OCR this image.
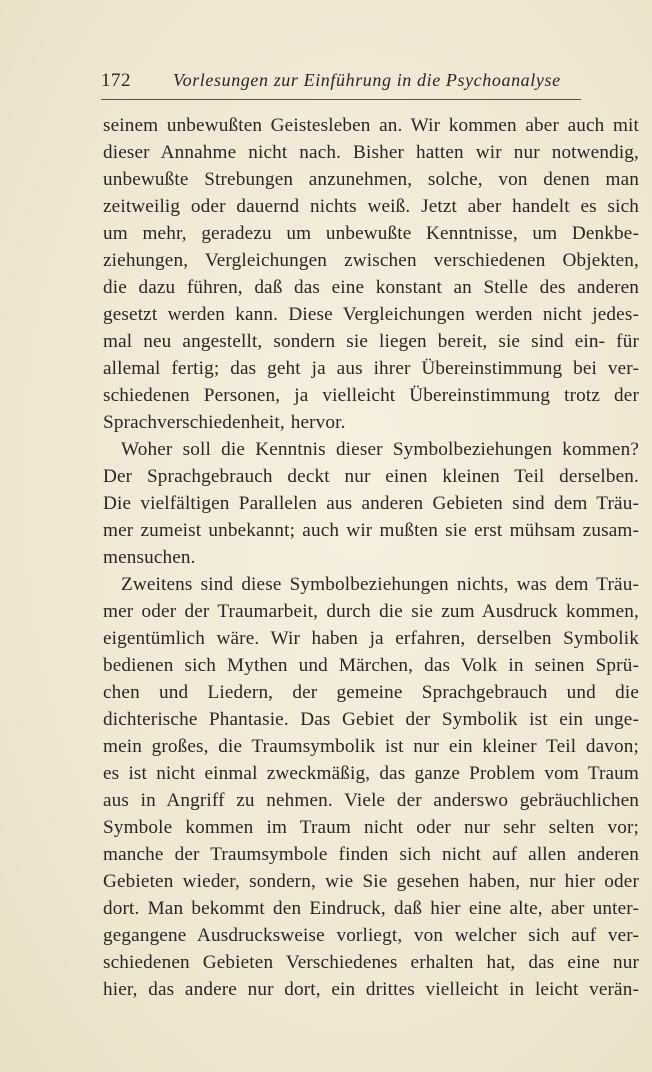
172	Vorlesungen zur Einführung in die Psychoanalyse
seinem unbewußten Geistesleben an. Wir kommen aber auch mit
dieser Annahme nicht nach. Bisher hatten wir nur notwendig,
unbewußte Strebungen anzunehmen, solche, von denen man
zeitweilig oder dauernd nichts weiß. Jetzt aber handelt es sich
um mehr, geradezu um unbewußte Kenntnisse, um Denkbe-
ziehungen, Vergleichungen zwischen verschiedenen Objekten,
die dazu führen, daß das eine konstant an Stelle des anderen
gesetzt werden kann. Diese Vergleichungen werden nicht jedes-
mal neu angestellt, sondern sie liegen bereit, sie sind ein- für
allemal fertig; das geht ja aus ihrer Übereinstimmung bei ver-
schiedenen Personen, ja vielleicht Übereinstimmung trotz der
Sprachverschiedenheit, hervor.
Woher soll die Kenntnis dieser Symbolbeziehungen kommen?
Der Sprachgebrauch deckt nur einen kleinen Teil derselben.
Die vielfältigen Parallelen aus anderen Gebieten sind dem Träu-
mer zumeist unbekannt; auch wir mußten sie erst mühsam zusam-
mensuchen.
Zweitens sind diese Symbolbeziehungen nichts, was dem Träu-
mer oder der Traumarbeit, durch die sie zum Ausdruck kommen,
eigentümlich wäre. Wir haben ja erfahren, derselben Symbolik
bedienen sich Mythen und Märchen, das Volk in seinen Sprü-
chen und Liedern, der gemeine Sprachgebrauch und die
dichterische Phantasie. Das Gebiet der Symbolik ist ein unge-
mein großes, die Traumsymbolik ist nur ein kleiner Teil davon;
es ist nicht einmal zweckmäßig, das ganze Problem vom Traum
aus in Angriff zu nehmen. Viele der anderswo gebräuchlichen
Symbole kommen im Traum nicht oder nur sehr selten vor;
manche der Traumsymbole finden sich nicht auf allen anderen
Gebieten wieder, sondern, wie Sie gesehen haben, nur hier oder
dort. Man bekommt den Eindruck, daß hier eine alte, aber unter-
gegangene Ausdrucksweise vorliegt, von welcher sich auf ver-
schiedenen Gebieten Verschiedenes erhalten hat, das eine nur
hier, das andere nur dort, ein drittes vielleicht in leicht verän-
